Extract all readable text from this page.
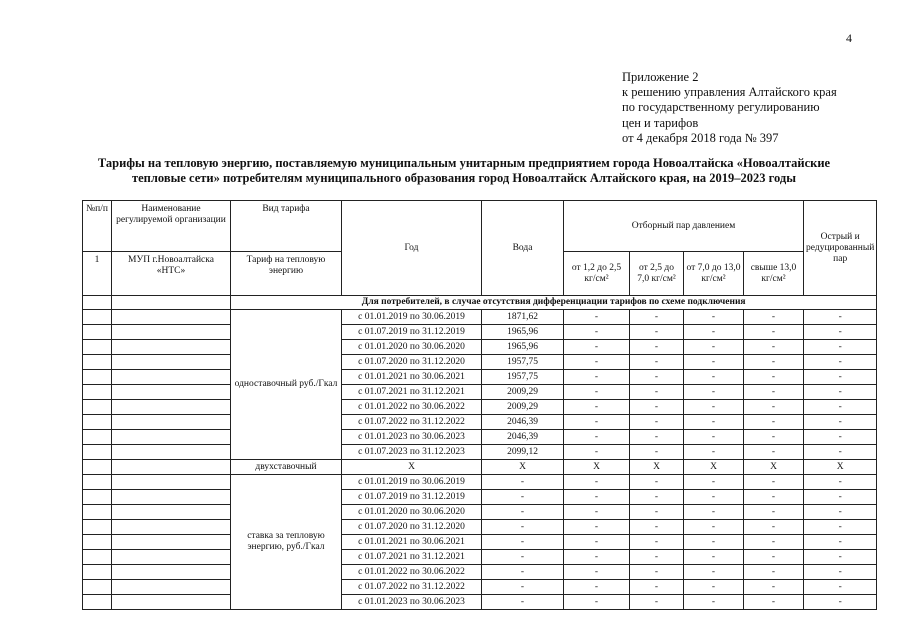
4
Приложение 2
к решению управления Алтайского края
по государственному регулированию
цен и тарифов
от 4 декабря 2018 года № 397
Тарифы на тепловую энергию, поставляемую муниципальным унитарным предприятием города Новоалтайска «Новоалтайские
тепловые сети» потребителям муниципального образования город Новоалтайск Алтайского края, на 2019–2023 годы
№п/п	Наименование регулируемой организации	Вид тарифа	Год	Вода	Отборный пар давлением				Острый и редуцированный пар
1	МУП г.Новоалтайска «НТС»	Тариф на тепловую энергию			от 1,2 до 2,5 кг/см²	от 2,5 до 7,0 кг/см²	от 7,0 до 13,0 кг/см²	свыше 13,0 кг/см²	
		Для потребителей, в случае отсутствия дифференциации тарифов по схеме подключения							
		одноставочный руб./Гкал	с 01.01.2019 по 30.06.2019	1871,62	-	-	-	-	-
			с 01.07.2019 по 31.12.2019	1965,96	-	-	-	-	-
			с 01.01.2020 по 30.06.2020	1965,96	-	-	-	-	-
			с 01.07.2020 по 31.12.2020	1957,75	-	-	-	-	-
			с 01.01.2021 по 30.06.2021	1957,75	-	-	-	-	-
			с 01.07.2021 по 31.12.2021	2009,29	-	-	-	-	-
			с 01.01.2022 по 30.06.2022	2009,29	-	-	-	-	-
			с 01.07.2022 по 31.12.2022	2046,39	-	-	-	-	-
			с 01.01.2023 по 30.06.2023	2046,39	-	-	-	-	-
			с 01.07.2023 по 31.12.2023	2099,12	-	-	-	-	-
		двухставочный	X	X	X	X	X	X	X
		ставка за тепловую энергию, руб./Гкал	с 01.01.2019 по 30.06.2019	-	-	-	-	-	-
			с 01.07.2019 по 31.12.2019	-	-	-	-	-	-
			с 01.01.2020 по 30.06.2020	-	-	-	-	-	-
			с 01.07.2020 по 31.12.2020	-	-	-	-	-	-
			с 01.01.2021 по 30.06.2021	-	-	-	-	-	-
			с 01.07.2021 по 31.12.2021	-	-	-	-	-	-
			с 01.01.2022 по 30.06.2022	-	-	-	-	-	-
			с 01.07.2022 по 31.12.2022	-	-	-	-	-	-
			с 01.01.2023 по 30.06.2023	-	-	-	-	-	-
